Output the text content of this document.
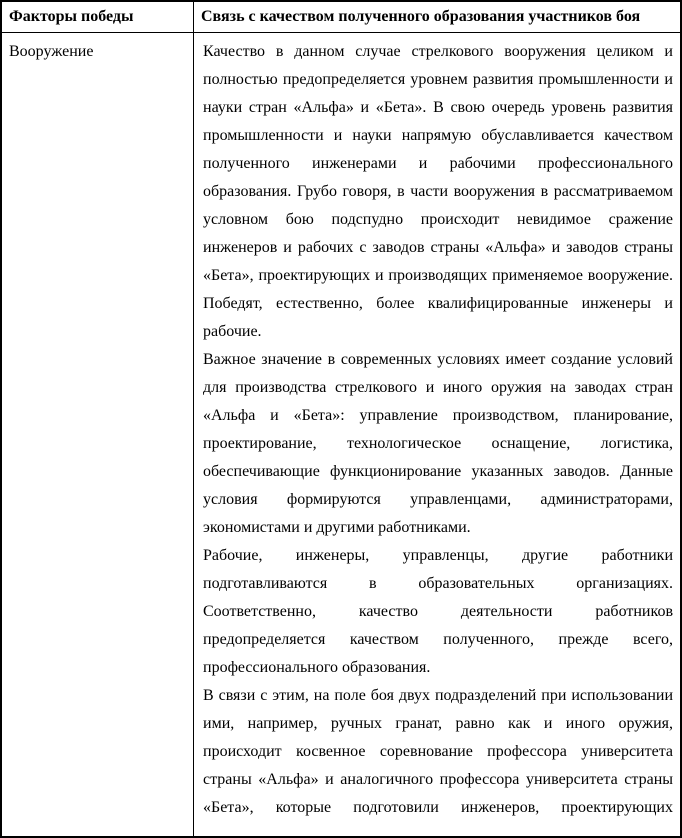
Факторы победы	Связь с качеством полученного образования участников боя
Вооружение	Качество в данном случае стрелкового вооружения целиком и полностью предопределяется уровнем развития промышленности и науки стран «Альфа» и «Бета». В свою очередь уровень развития промышленности и науки напрямую обуславливается качеством полученного инженерами и рабочими профессионального образования. Грубо говоря, в части вооружения в рассматриваемом условном бою подспудно происходит невидимое сражение инженеров и рабочих с заводов страны «Альфа» и заводов страны «Бета», проектирующих и производящих применяемое вооружение. Победят, естественно, более квалифицированные инженеры и рабочие.

Важное значение в современных условиях имеет создание условий для производства стрелкового и иного оружия на заводах стран «Альфа и «Бета»: управление производством, планирование, проектирование, технологическое оснащение, логистика, обеспечивающие функционирование указанных заводов. Данные условия формируются управленцами, администраторами, экономистами и другими работниками.

Рабочие, инженеры, управленцы, другие работники подготавливаются в образовательных организациях. Соответственно, качество деятельности работников предопределяется качеством полученного, прежде всего, профессионального образования.

В связи с этим, на поле боя двух подразделений при использовании ими, например, ручных гранат, равно как и иного оружия, происходит косвенное соревнование профессора университета страны «Альфа» и аналогичного профессора университета страны «Бета», которые подготовили инженеров, проектирующих
